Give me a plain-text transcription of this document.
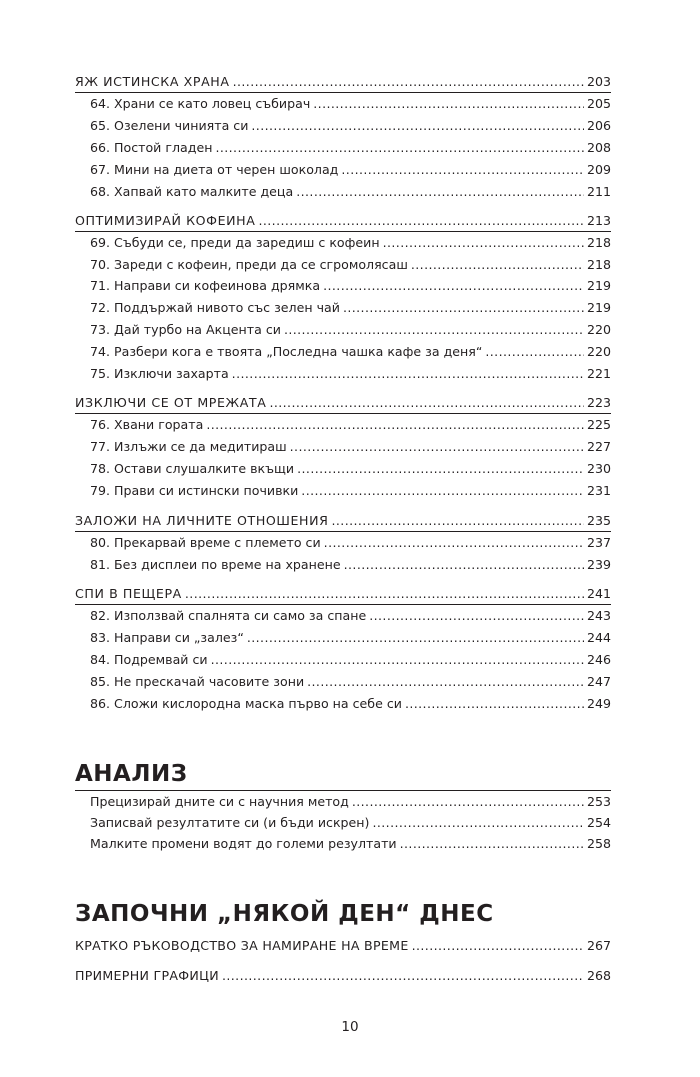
ЯЖ ИСТИНСКА ХРАНА .....	203
64. Храни се като ловец събирач .....	205
65. Озелени чинията си .....	206
66. Постой гладен .....	208
67. Мини на диета от черен шоколад .....	209
68. Хапвай като малките деца .....	211
ОПТИМИЗИРАЙ КОФЕИНА .....	213
69. Събуди се, преди да заредиш с кофеин .....	218
70. Зареди с кофеин, преди да се сгромолясаш .....	218
71. Направи си кофеинова дрямка .....	219
72. Поддържай нивото със зелен чай .....	219
73. Дай турбо на Акцента си .....	220
74. Разбери кога е твоята „Последна чашка кафе за деня“ .....	220
75. Изключи захарта .....	221
ИЗКЛЮЧИ СЕ ОТ МРЕЖАТА .....	223
76. Хвани гората .....	225
77. Излъжи се да медитираш .....	227
78. Остави слушалките вкъщи .....	230
79. Прави си истински почивки .....	231
ЗАЛОЖИ НА ЛИЧНИТЕ ОТНОШЕНИЯ .....	235
80. Прекарвай време с племето си .....	237
81. Без дисплеи по време на хранене .....	239
СПИ В ПЕЩЕРА .....	241
82. Използвай спалнята си само за спане .....	243
83. Направи си „залез“ .....	244
84. Подремвай си .....	246
85. Не прескачай часовите зони .....	247
86. Сложи кислородна маска първо на себе си .....	249
АНАЛИЗ
Прецизирай дните си с научния метод .....	253
Записвай резултатите си (и бъди искрен) .....	254
Малките промени водят до големи резултати .....	258
ЗАПОЧНИ „НЯКОЙ ДЕН“ ДНЕС
КРАТКО РЪКОВОДСТВО ЗА НАМИРАНЕ НА ВРЕМЕ .....	267
ПРИМЕРНИ ГРАФИЦИ .....	268
10
